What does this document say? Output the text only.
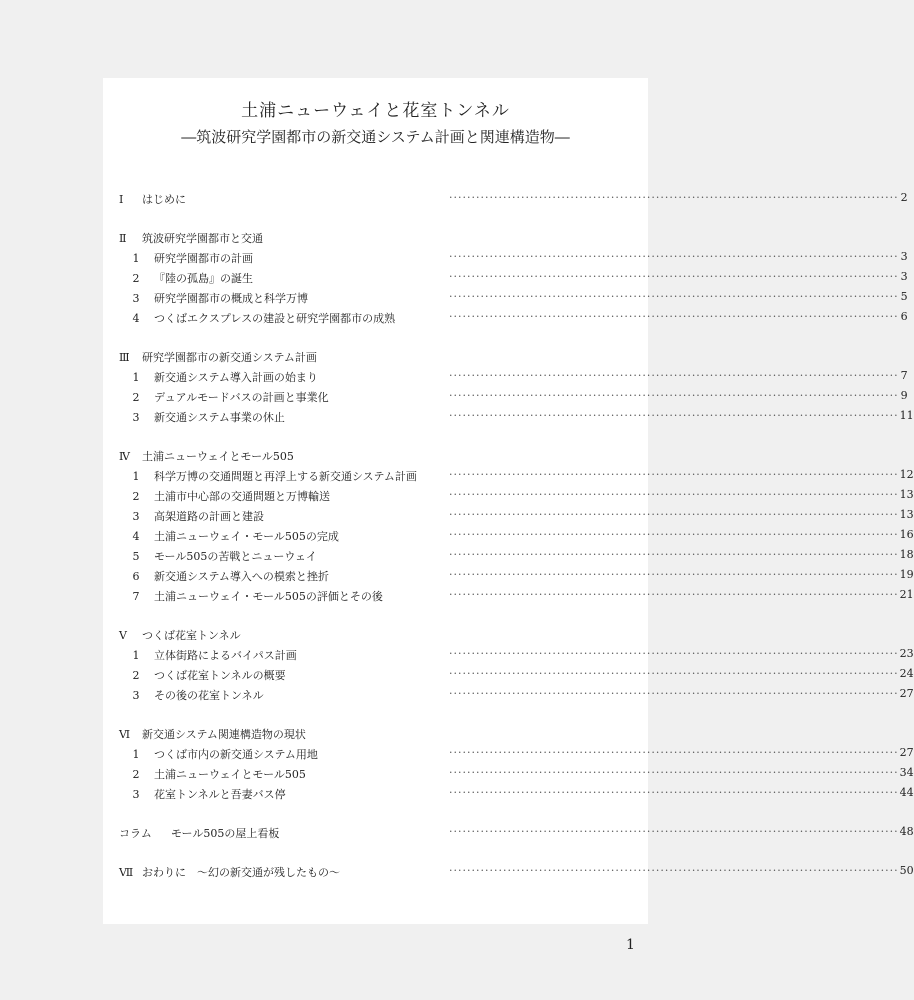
土浦ニューウェイと花室トンネル
―筑波研究学園都市の新交通システム計画と関連構造物―
Ⅰ	はじめに	···································································································· 2
Ⅱ	筑波研究学園都市と交通
1	研究学園都市の計画	···································································································· 3
2	『陸の孤島』の誕生	···································································································· 3
3	研究学園都市の概成と科学万博	···································································································· 5
4	つくばエクスプレスの建設と研究学園都市の成熟	···································································································· 6
Ⅲ	研究学園都市の新交通システム計画
1	新交通システム導入計画の始まり	···································································································· 7
2	デュアルモードバスの計画と事業化	···································································································· 9
3	新交通システム事業の休止	···································································································· 11
Ⅳ	土浦ニューウェイとモール505
1	科学万博の交通問題と再浮上する新交通システム計画	···································································································· 12
2	土浦市中心部の交通問題と万博輸送	···································································································· 13
3	高架道路の計画と建設	···································································································· 13
4	土浦ニューウェイ・モール505の完成	···································································································· 16
5	モール505の苦戦とニューウェイ	···································································································· 18
6	新交通システム導入への模索と挫折	···································································································· 19
7	土浦ニューウェイ・モール505の評価とその後	···································································································· 21
Ⅴ	つくば花室トンネル
1	立体街路によるバイパス計画	···································································································· 23
2	つくば花室トンネルの概要	···································································································· 24
3	その後の花室トンネル	···································································································· 27
Ⅵ	新交通システム関連構造物の現状
1	つくば市内の新交通システム用地	···································································································· 27
2	土浦ニューウェイとモール505	···································································································· 34
3	花室トンネルと吾妻バス停	···································································································· 44
コラム	モール505の屋上看板	···································································································· 48
Ⅶ おわりに　～幻の新交通が残したもの～	···································································································· 50
1
